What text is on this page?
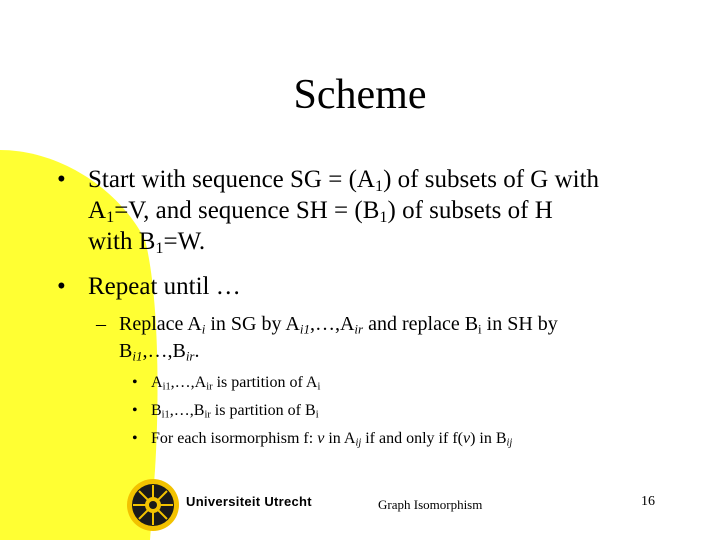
Scheme
• Start with sequence SG = $(A_1)$ of subsets of G with
$A_1=V$, and sequence SH = $(B_1)$ of subsets of H
with $B_1=W$.
• Repeat until …
– Replace $A_i$ in SG by $A_{i1},\dots,A_{ir}$ and replace $B_i$ in SH by
$B_{i1},\dots,B_{ir}$.
• $A_{i1},\dots,A_{ir}$ is partition of $A_i$
• $B_{i1},\dots,B_{ir}$ is partition of $B_i$
• For each isormorphism f: v in $A_{ij}$ if and only if f(v) in $B_{ij}$
Universiteit Utrecht	Graph Isomorphism	16
